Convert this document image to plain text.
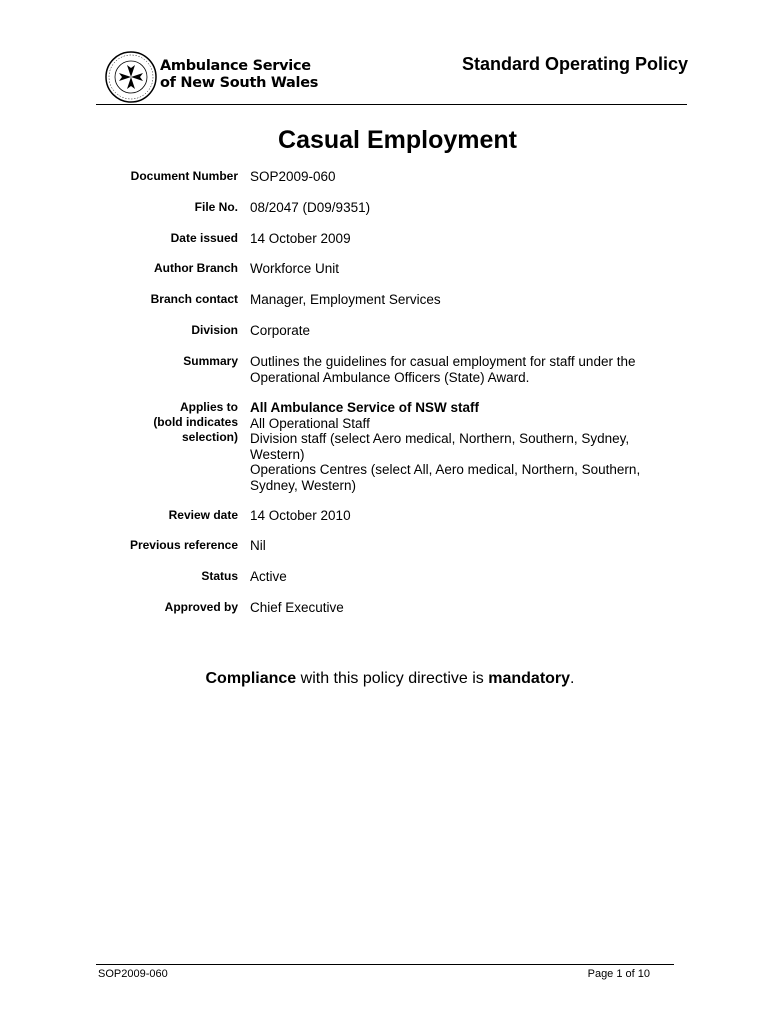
Ambulance Service
of New South Wales
Standard Operating Policy
Casual Employment
Document Number SOP2009-060
File No. 08/2047 (D09/9351)
Date issued 14 October 2009
Author Branch Workforce Unit
Branch contact Manager, Employment Services
Division Corporate
Summary Outlines the guidelines for casual employment for staff under the
Operational Ambulance Officers (State) Award.
Applies to
(bold indicates
selection)
All Ambulance Service of NSW staff
All Operational Staff
Division staff (select Aero medical, Northern, Southern, Sydney,
Western)
Operations Centres (select All, Aero medical, Northern, Southern,
Sydney, Western)
Review date 14 October 2010
Previous reference Nil
Status Active
Approved by Chief Executive

Compliance with this policy directive is mandatory.

SOP2009-060	Page 1 of 10
